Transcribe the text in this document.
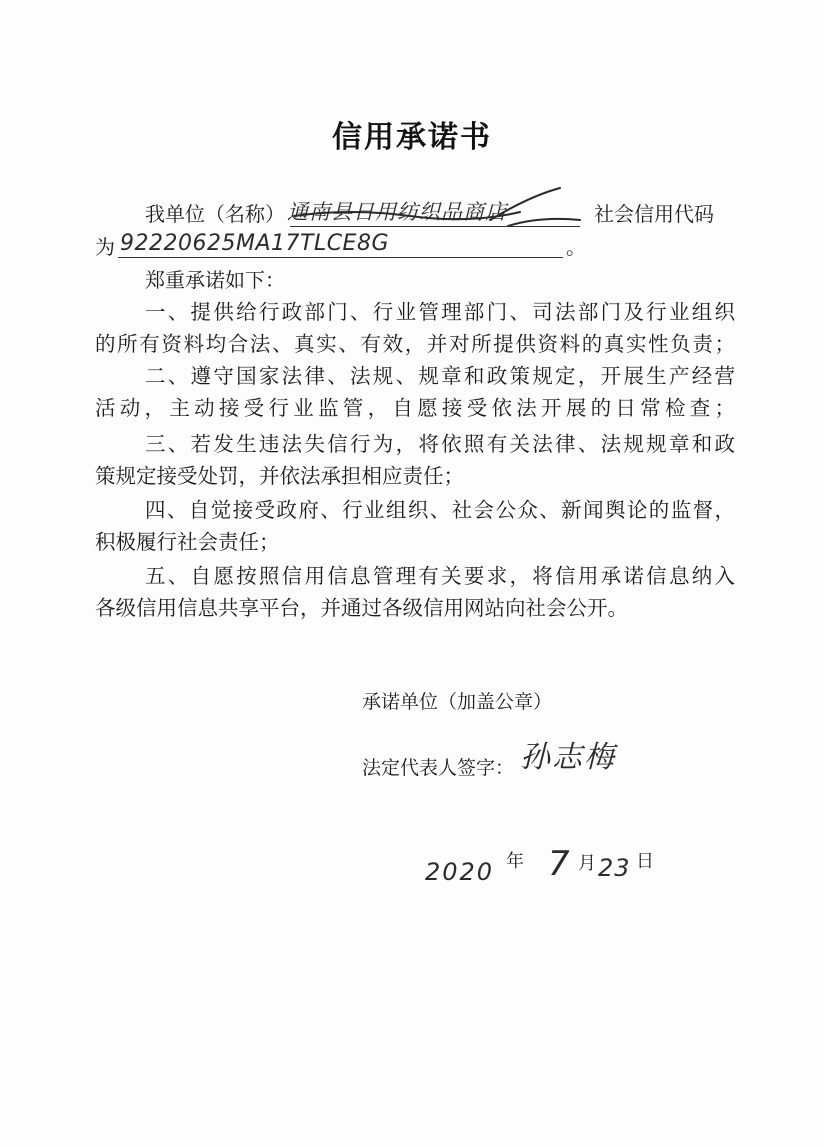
信用承诺书
我单位（名称） 通南县日用纺织品商店	社会信用代码
为 92220625MA17TLCE8G	。
郑重承诺如下：
一、提供给行政部门、行业管理部门、司法部门及行业组织
的所有资料均合法、真实、有效，并对所提供资料的真实性负责；
二、遵守国家法律、法规、规章和政策规定，开展生产经营
活动，主动接受行业监管，自愿接受依法开展的日常检查；
三、若发生违法失信行为，将依照有关法律、法规规章和政
策规定接受处罚，并依法承担相应责任；
四、自觉接受政府、行业组织、社会公众、新闻舆论的监督，
积极履行社会责任；
五、自愿按照信用信息管理有关要求，将信用承诺信息纳入
各级信用信息共享平台，并通过各级信用网站向社会公开。
承诺单位（加盖公章）
法定代表人签字： 孙志梅
2020 年 7 月 23 日
